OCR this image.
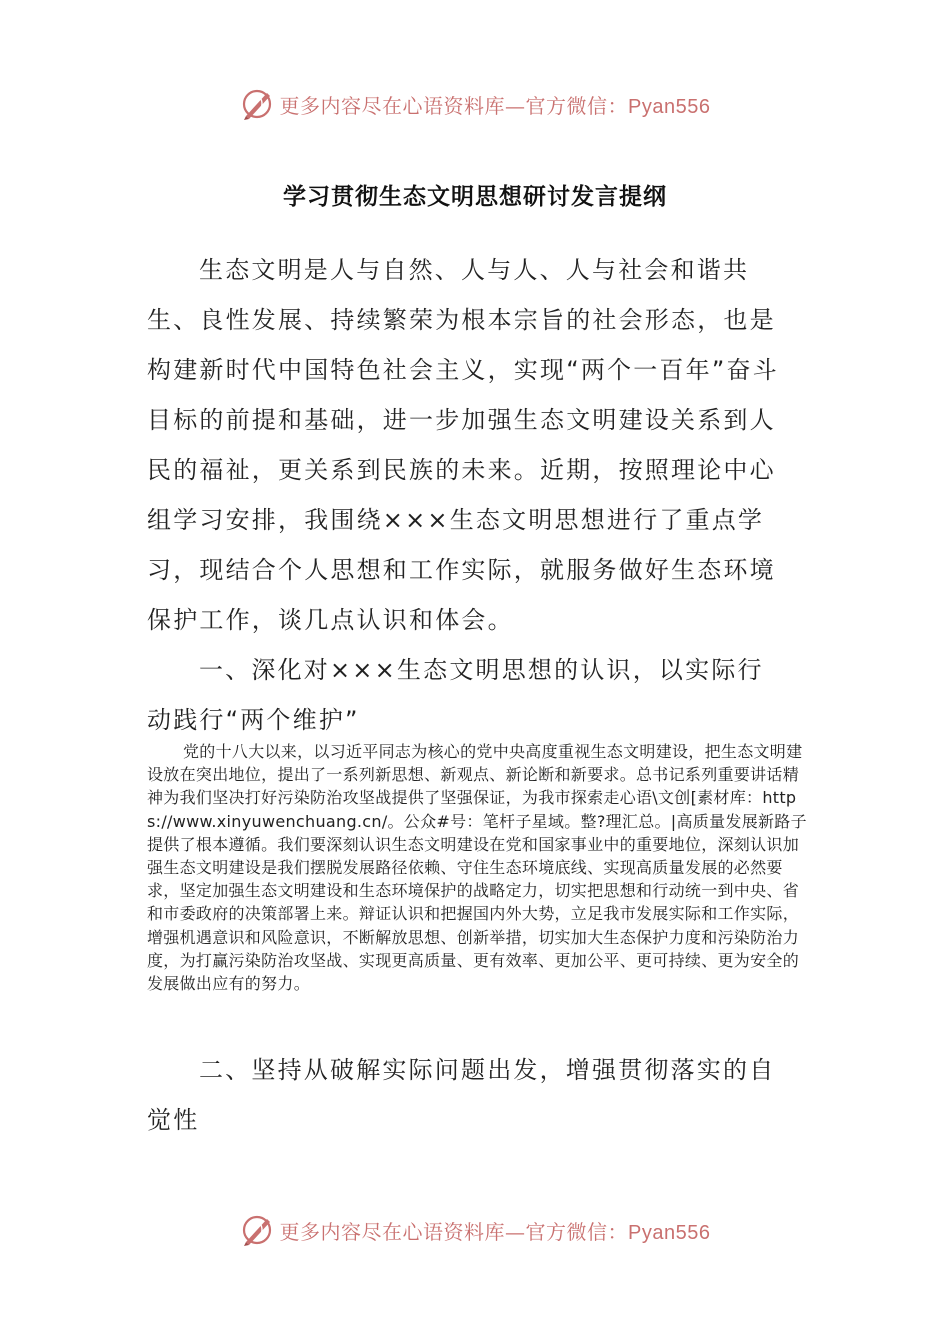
更多内容尽在心语资料库—官方微信：Pyan556
学习贯彻生态文明思想研讨发言提纲

生态文明是人与自然、人与人、人与社会和谐共生、良性发展、持续繁荣为根本宗旨的社会形态，也是构建新时代中国特色社会主义，实现“两个一百年”奋斗目标的前提和基础，进一步加强生态文明建设关系到人民的福祉，更关系到民族的未来。近期，按照理论中心组学习安排，我围绕×××生态文明思想进行了重点学习，现结合个人思想和工作实际，就服务做好生态环境保护工作，谈几点认识和体会。

一、深化对×××生态文明思想的认识，以实际行动践行“两个维护”

党的十八大以来，以习近平同志为核心的党中央高度重视生态文明建设，把生态文明建设放在突出地位，提出了一系列新思想、新观点、新论断和新要求。总书记系列重要讲话精神为我们坚决打好污染防治攻坚战提供了坚强保证，为我市探索走心语\文创[素材库：https://www.xinyuwenchuang.cn/。公众#号：笔杆子星域。整?理汇总。|高质量发展新路子提供了根本遵循。我们要深刻认识生态文明建设在党和国家事业中的重要地位，深刻认识加强生态文明建设是我们摆脱发展路径依赖、守住生态环境底线、实现高质量发展的必然要求，坚定加强生态文明建设和生态环境保护的战略定力，切实把思想和行动统一到中央、省和市委政府的决策部署上来。辩证认识和把握国内外大势，立足我市发展实际和工作实际，增强机遇意识和风险意识，不断解放思想、创新举措，切实加大生态保护力度和污染防治力度，为打赢污染防治攻坚战、实现更高质量、更有效率、更加公平、更可持续、更为安全的发展做出应有的努力。

二、坚持从破解实际问题出发，增强贯彻落实的自觉性

更多内容尽在心语资料库—官方微信：Pyan556
